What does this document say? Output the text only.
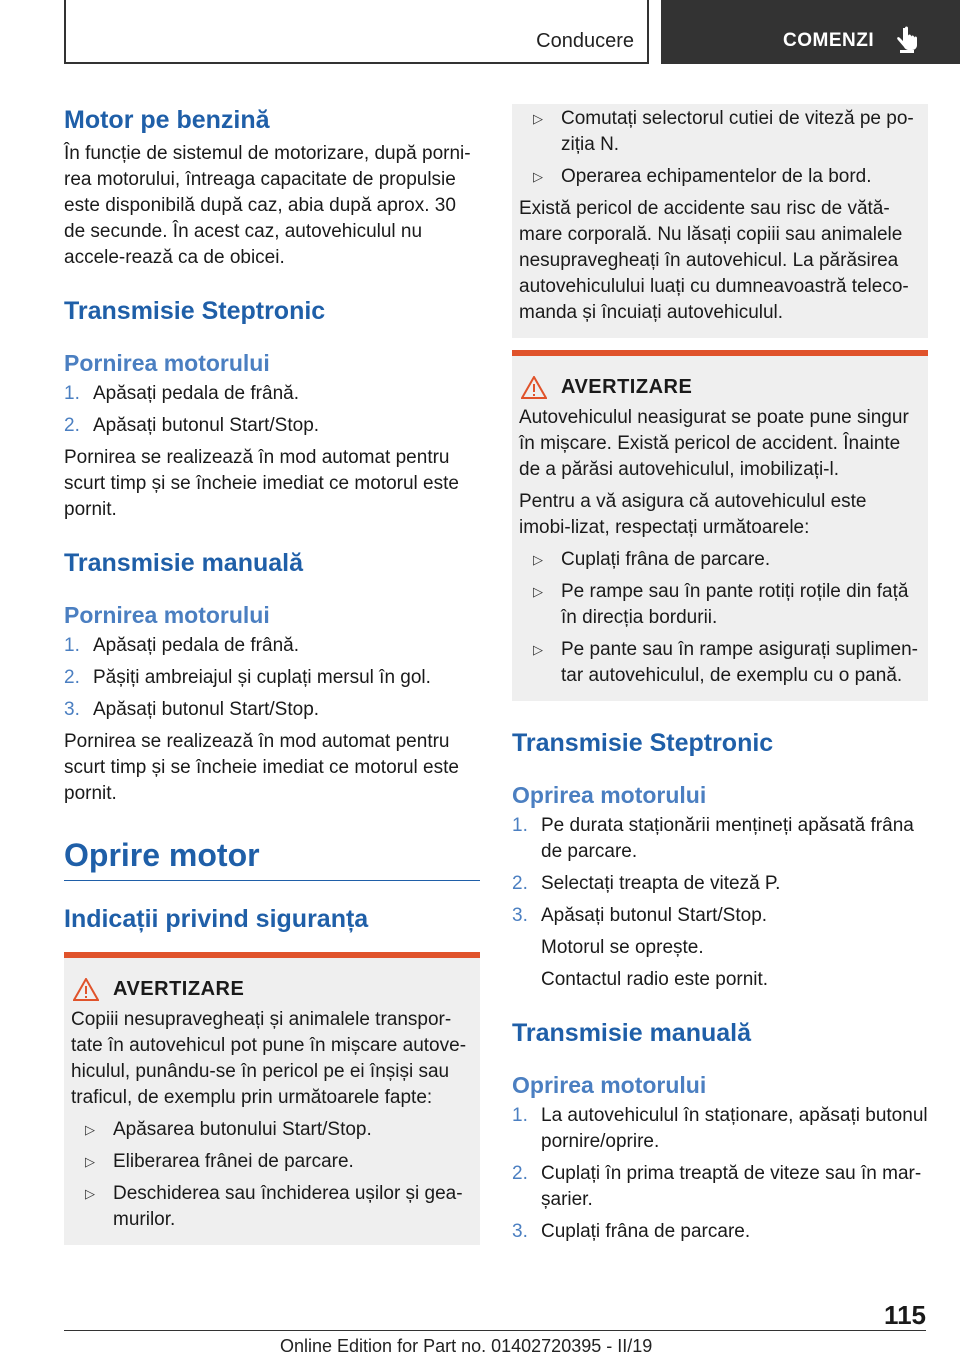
Conducere	COMENZI
Motor pe benzină

În funcție de sistemul de motorizare, după porni-rea motorului, întreaga capacitate de propulsie este disponibilă după caz, abia după aprox. 30 de secunde. În acest caz, autovehiculul nu accele-rează ca de obicei.

Transmisie Steptronic
Pornirea motorului
1. Apăsați pedala de frână.
2. Apăsați butonul Start/Stop.

Pornirea se realizează în mod automat pentru scurt timp și se încheie imediat ce motorul este pornit.

Transmisie manuală
Pornirea motorului
1. Apăsați pedala de frână.
2. Pășiți ambreiajul și cuplați mersul în gol.
3. Apăsați butonul Start/Stop.

Pornirea se realizează în mod automat pentru scurt timp și se încheie imediat ce motorul este pornit.

Oprire motor
Indicații privind siguranța
AVERTIZARE

Copiii nesupravegheați și animalele transpor-tate în autovehicul pot pune în mișcare autove-hiculul, punându-se în pericol pe ei înșiși sau traficul, de exemplu prin următoarele fapte:

▷ Apăsarea butonului Start/Stop.
▷ Eliberarea frânei de parcare.
▷ Deschiderea sau închiderea ușilor și gea-murilor.
▷ Comutați selectorul cutiei de viteză pe po-ziția N.
▷ Operarea echipamentelor de la bord.

Există pericol de accidente sau risc de vătă-mare corporală. Nu lăsați copiii sau animalele nesupravegheați în autovehicul. La părăsirea autovehiculului luați cu dumneavoastră teleco-manda și încuiați autovehiculul.

AVERTIZARE

Autovehiculul neasigurat se poate pune singur în mișcare. Există pericol de accident. Înainte de a părăsi autovehiculul, imobilizați-l.

Pentru a vă asigura că autovehiculul este imobi-lizat, respectați următoarele:

▷ Cuplați frâna de parcare.
▷ Pe rampe sau în pante rotiți roțile din față în direcția bordurii.
▷ Pe pante sau în rampe asigurați suplimen-tar autovehiculul, de exemplu cu o pană.
Transmisie Steptronic
Oprirea motorului
1. Pe durata staționării mențineți apăsată frâna de parcare.
2. Selectați treapta de viteză P.
3. Apăsați butonul Start/Stop.

Motorul se oprește.

Contactul radio este pornit.

Transmisie manuală
Oprirea motorului
1. La autovehiculul în staționare, apăsați butonul pornire/oprire.
2. Cuplați în prima treaptă de viteze sau în mar-șarier.
3. Cuplați frâna de parcare.
115
Online Edition for Part no. 01402720395 - II/19
